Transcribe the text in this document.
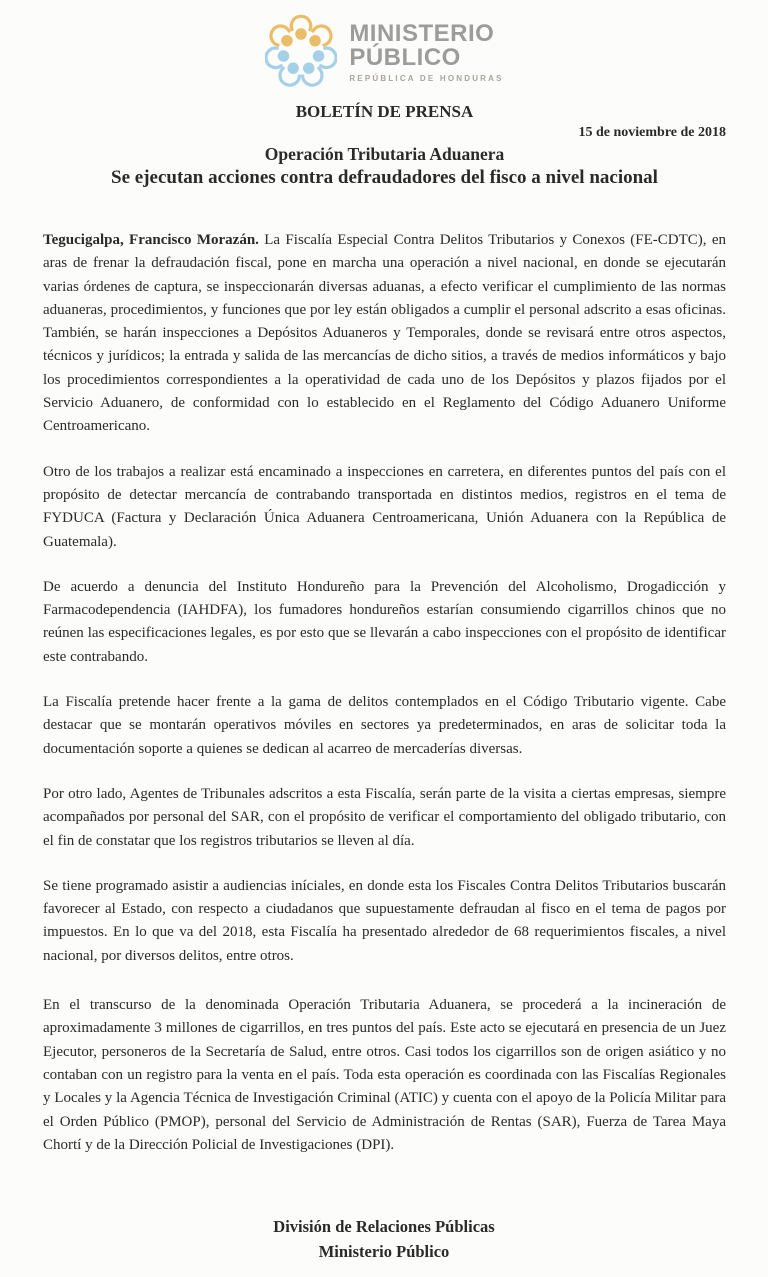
MINISTERIO
PÚBLICO
REPÚBLICA DE HONDURAS
BOLETÍN DE PRENSA
15 de noviembre de 2018
Operación Tributaria Aduanera
Se ejecutan acciones contra defraudadores del fisco a nivel nacional

Tegucigalpa, Francisco Morazán. La Fiscalía Especial Contra Delitos Tributarios y Conexos (FE-CDTC), en aras de frenar la defraudación fiscal, pone en marcha una operación a nivel nacional, en donde se ejecutarán varias órdenes de captura, se inspeccionarán diversas aduanas, a efecto verificar el cumplimiento de las normas aduaneras, procedimientos, y funciones que por ley están obligados a cumplir el personal adscrito a esas oficinas. También, se harán inspecciones a Depósitos Aduaneros y Temporales, donde se revisará entre otros aspectos, técnicos y jurídicos; la entrada y salida de las mercancías de dicho sitios, a través de medios informáticos y bajo los procedimientos correspondientes a la operatividad de cada uno de los Depósitos y plazos fijados por el Servicio Aduanero, de conformidad con lo establecido en el Reglamento del Código Aduanero Uniforme Centroamericano.

Otro de los trabajos a realizar está encaminado a inspecciones en carretera, en diferentes puntos del país con el propósito de detectar mercancía de contrabando transportada en distintos medios, registros en el tema de FYDUCA (Factura y Declaración Única Aduanera Centroamericana, Unión Aduanera con la República de Guatemala).

De acuerdo a denuncia del Instituto Hondureño para la Prevención del Alcoholismo, Drogadicción y Farmacodependencia (IAHDFA), los fumadores hondureños estarían consumiendo cigarrillos chinos que no reúnen las especificaciones legales, es por esto que se llevarán a cabo inspecciones con el propósito de identificar este contrabando.

La Fiscalía pretende hacer frente a la gama de delitos contemplados en el Código Tributario vigente. Cabe destacar que se montarán operativos móviles en sectores ya predeterminados, en aras de solicitar toda la documentación soporte a quienes se dedican al acarreo de mercaderías diversas.

Por otro lado, Agentes de Tribunales adscritos a esta Fiscalía, serán parte de la visita a ciertas empresas, siempre acompañados por personal del SAR, con el propósito de verificar el comportamiento del obligado tributario, con el fin de constatar que los registros tributarios se lleven al día.

Se tiene programado asistir a audiencias iníciales, en donde esta los Fiscales Contra Delitos Tributarios buscarán favorecer al Estado, con respecto a ciudadanos que supuestamente defraudan al fisco en el tema de pagos por impuestos. En lo que va del 2018, esta Fiscalía ha presentado alrededor de 68 requerimientos fiscales, a nivel nacional, por diversos delitos, entre otros.

En el transcurso de la denominada Operación Tributaria Aduanera, se procederá a la incineración de aproximadamente 3 millones de cigarrillos, en tres puntos del país. Este acto se ejecutará en presencia de un Juez Ejecutor, personeros de la Secretaría de Salud, entre otros. Casi todos los cigarrillos son de origen asiático y no contaban con un registro para la venta en el país. Toda esta operación es coordinada con las Fiscalías Regionales y Locales y la Agencia Técnica de Investigación Criminal (ATIC) y cuenta con el apoyo de la Policía Militar para el Orden Público (PMOP), personal del Servicio de Administración de Rentas (SAR), Fuerza de Tarea Maya Chortí y de la Dirección Policial de Investigaciones (DPI).

División de Relaciones Públicas
Ministerio Público
